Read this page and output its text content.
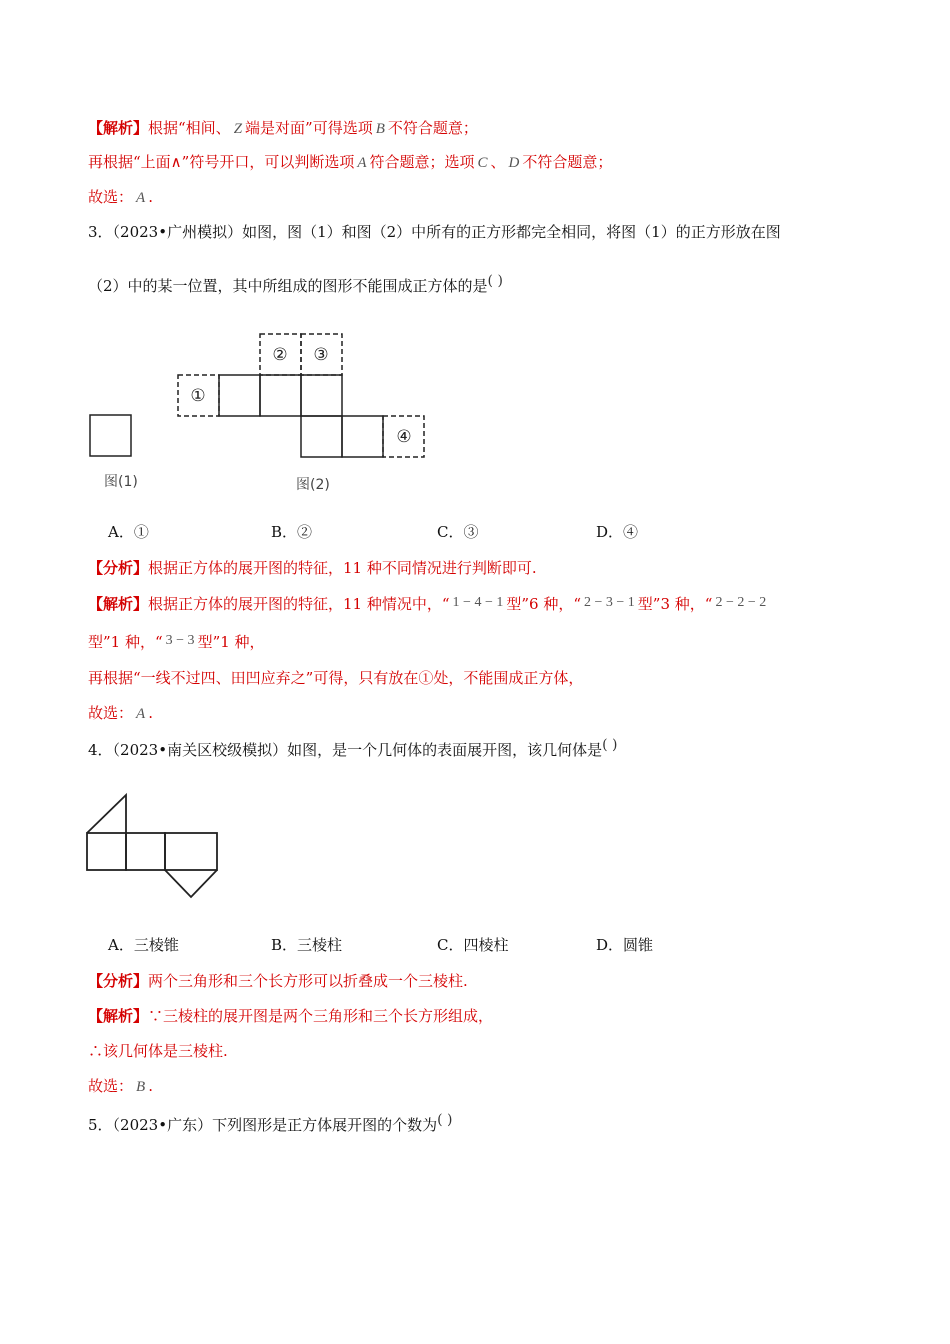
【解析】根据“相间、 Z 端是对面”可得选项 B 不符合题意；
再根据“上面∧”符号开口，可以判断选项 A 符合题意；选项 C 、 D 不符合题意；
故选： A .
3．（2023•广州模拟）如图，图（1）和图（2）中所有的正方形都完全相同，将图（1）的正方形放在图
（2）中的某一位置，其中所组成的图形不能围成正方体的是( )
图(1)
①
② ③
④
图(2)
A．①	B．②	C．③	D．④
【分析】根据正方体的展开图的特征，11 种不同情况进行判断即可.
【解析】根据正方体的展开图的特征，11 种情况中，“ 1 − 4 − 1 型”6 种，“ 2 − 3 − 1 型”3 种，“ 2 − 2 − 2
型”1 种，“ 3 − 3 型”1 种，
再根据“一线不过四、田凹应弃之”可得，只有放在①处，不能围成正方体，
故选： A .
4．（2023•南关区校级模拟）如图，是一个几何体的表面展开图，该几何体是( )
A．三棱锥	B．三棱柱	C．四棱柱	D．圆锥
【分析】两个三角形和三个长方形可以折叠成一个三棱柱.
【解析】∵三棱柱的展开图是两个三角形和三个长方形组成，
∴该几何体是三棱柱.
故选： B .
5．（2023•广东）下列图形是正方体展开图的个数为( )
